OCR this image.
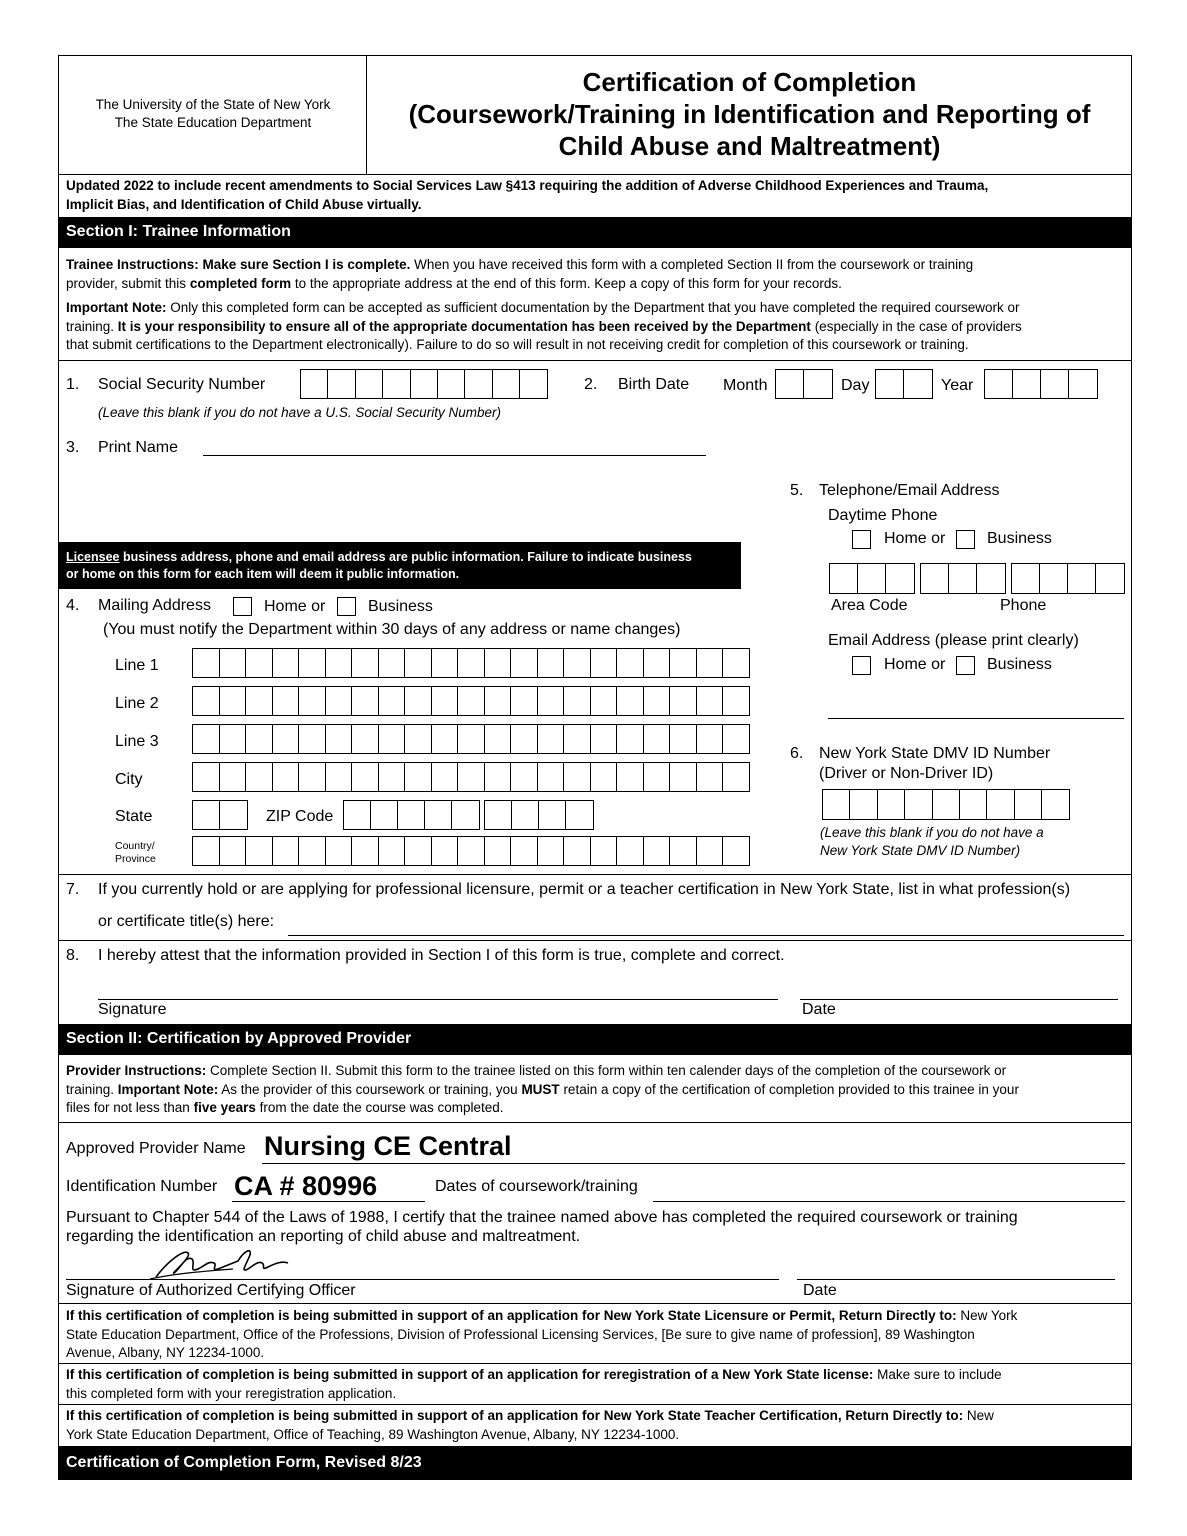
The University of the State of New York
The State Education Department
Certification of Completion
(Coursework/Training in Identification and Reporting of
Child Abuse and Maltreatment)
Updated 2022 to include recent amendments to Social Services Law §413 requiring the addition of Adverse Childhood Experiences and Trauma,
Implicit Bias, and Identification of Child Abuse virtually.
Section I: Trainee Information
Trainee Instructions: Make sure Section I is complete. When you have received this form with a completed Section II from the coursework or training
provider, submit this completed form to the appropriate address at the end of this form. Keep a copy of this form for your records.
Important Note: Only this completed form can be accepted as sufficient documentation by the Department that you have completed the required coursework or
training. It is your responsibility to ensure all of the appropriate documentation has been received by the Department (especially in the case of providers
that submit certifications to the Department electronically). Failure to do so will result in not receiving credit for completion of this coursework or training.
1. Social Security Number
(Leave this blank if you do not have a U.S. Social Security Number)
2. Birth Date Month	Day	Year
3. Print Name
Licensee business address, phone and email address are public information. Failure to indicate business
or home on this form for each item will deem it public information.
4. Mailing Address	Home or	Business
(You must notify the Department within 30 days of any address or name changes)
Line 1
Line 2
Line 3
City
State	ZIP Code
Country/
Province
5. Telephone/Email Address
Daytime Phone
Home or	Business
Area Code	Phone
Email Address (please print clearly)
Home or	Business
6. New York State DMV ID Number
(Driver or Non-Driver ID)
(Leave this blank if you do not have a
New York State DMV ID Number)
7. If you currently hold or are applying for professional licensure, permit or a teacher certification in New York State, list in what profession(s)
or certificate title(s) here:
8. I hereby attest that the information provided in Section I of this form is true, complete and correct.
Signature	Date
Section II: Certification by Approved Provider
Provider Instructions: Complete Section II. Submit this form to the trainee listed on this form within ten calender days of the completion of the coursework or
training. Important Note: As the provider of this coursework or training, you MUST retain a copy of the certification of completion provided to this trainee in your
files for not less than five years from the date the course was completed.
Approved Provider Name Nursing CE Central
Identification Number CA # 80996	Dates of coursework/training
Pursuant to Chapter 544 of the Laws of 1988, I certify that the trainee named above has completed the required coursework or training
regarding the identification an reporting of child abuse and maltreatment.
Signature of Authorized Certifying Officer	Date
If this certification of completion is being submitted in support of an application for New York State Licensure or Permit, Return Directly to: New York
State Education Department, Office of the Professions, Division of Professional Licensing Services, [Be sure to give name of profession], 89 Washington
Avenue, Albany, NY 12234-1000.
If this certification of completion is being submitted in support of an application for reregistration of a New York State license: Make sure to include
this completed form with your reregistration application.
If this certification of completion is being submitted in support of an application for New York State Teacher Certification, Return Directly to: New
York State Education Department, Office of Teaching, 89 Washington Avenue, Albany, NY 12234-1000.
Certification of Completion Form, Revised 8/23
